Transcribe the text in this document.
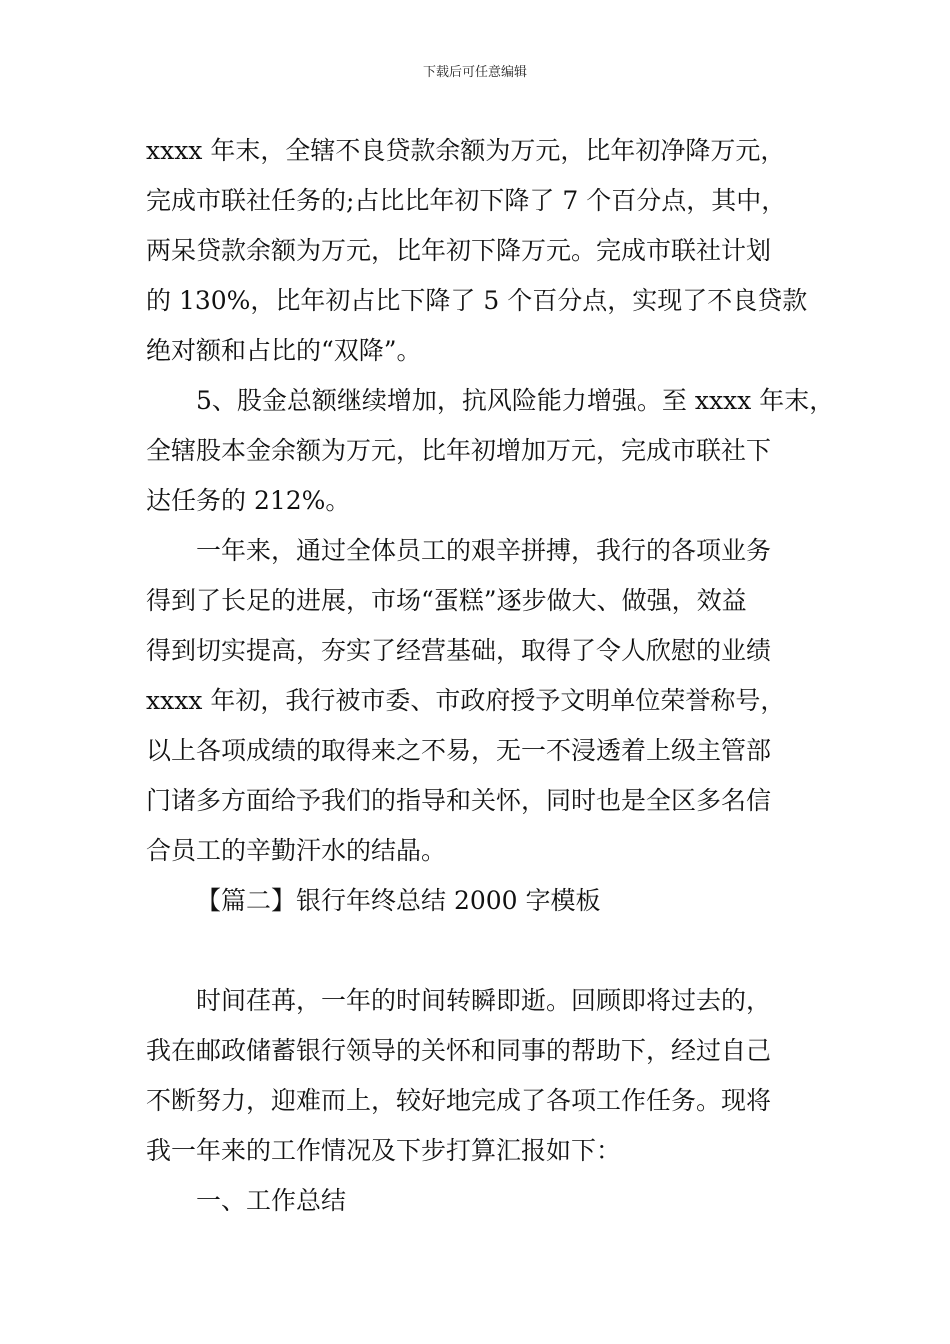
下载后可任意编辑
xxxx 年末，全辖不良贷款余额为万元，比年初净降万元，
完成市联社任务的;占比比年初下降了 7 个百分点，其中，
两呆贷款余额为万元，比年初下降万元。完成市联社计划
的 130%，比年初占比下降了 5 个百分点，实现了不良贷款
绝对额和占比的“双降”。
5、股金总额继续增加，抗风险能力增强。至 xxxx 年末，
全辖股本金余额为万元，比年初增加万元，完成市联社下
达任务的 212%。
一年来，通过全体员工的艰辛拼搏，我行的各项业务
得到了长足的进展，市场“蛋糕”逐步做大、做强，效益
得到切实提高，夯实了经营基础，取得了令人欣慰的业绩
xxxx 年初，我行被市委、市政府授予文明单位荣誉称号，
以上各项成绩的取得来之不易，无一不浸透着上级主管部
门诸多方面给予我们的指导和关怀，同时也是全区多名信
合员工的辛勤汗水的结晶。
【篇二】银行年终总结 2000 字模板
时间荏苒，一年的时间转瞬即逝。回顾即将过去的，
我在邮政储蓄银行领导的关怀和同事的帮助下，经过自己
不断努力，迎难而上，较好地完成了各项工作任务。现将
我一年来的工作情况及下步打算汇报如下：
一、工作总结
